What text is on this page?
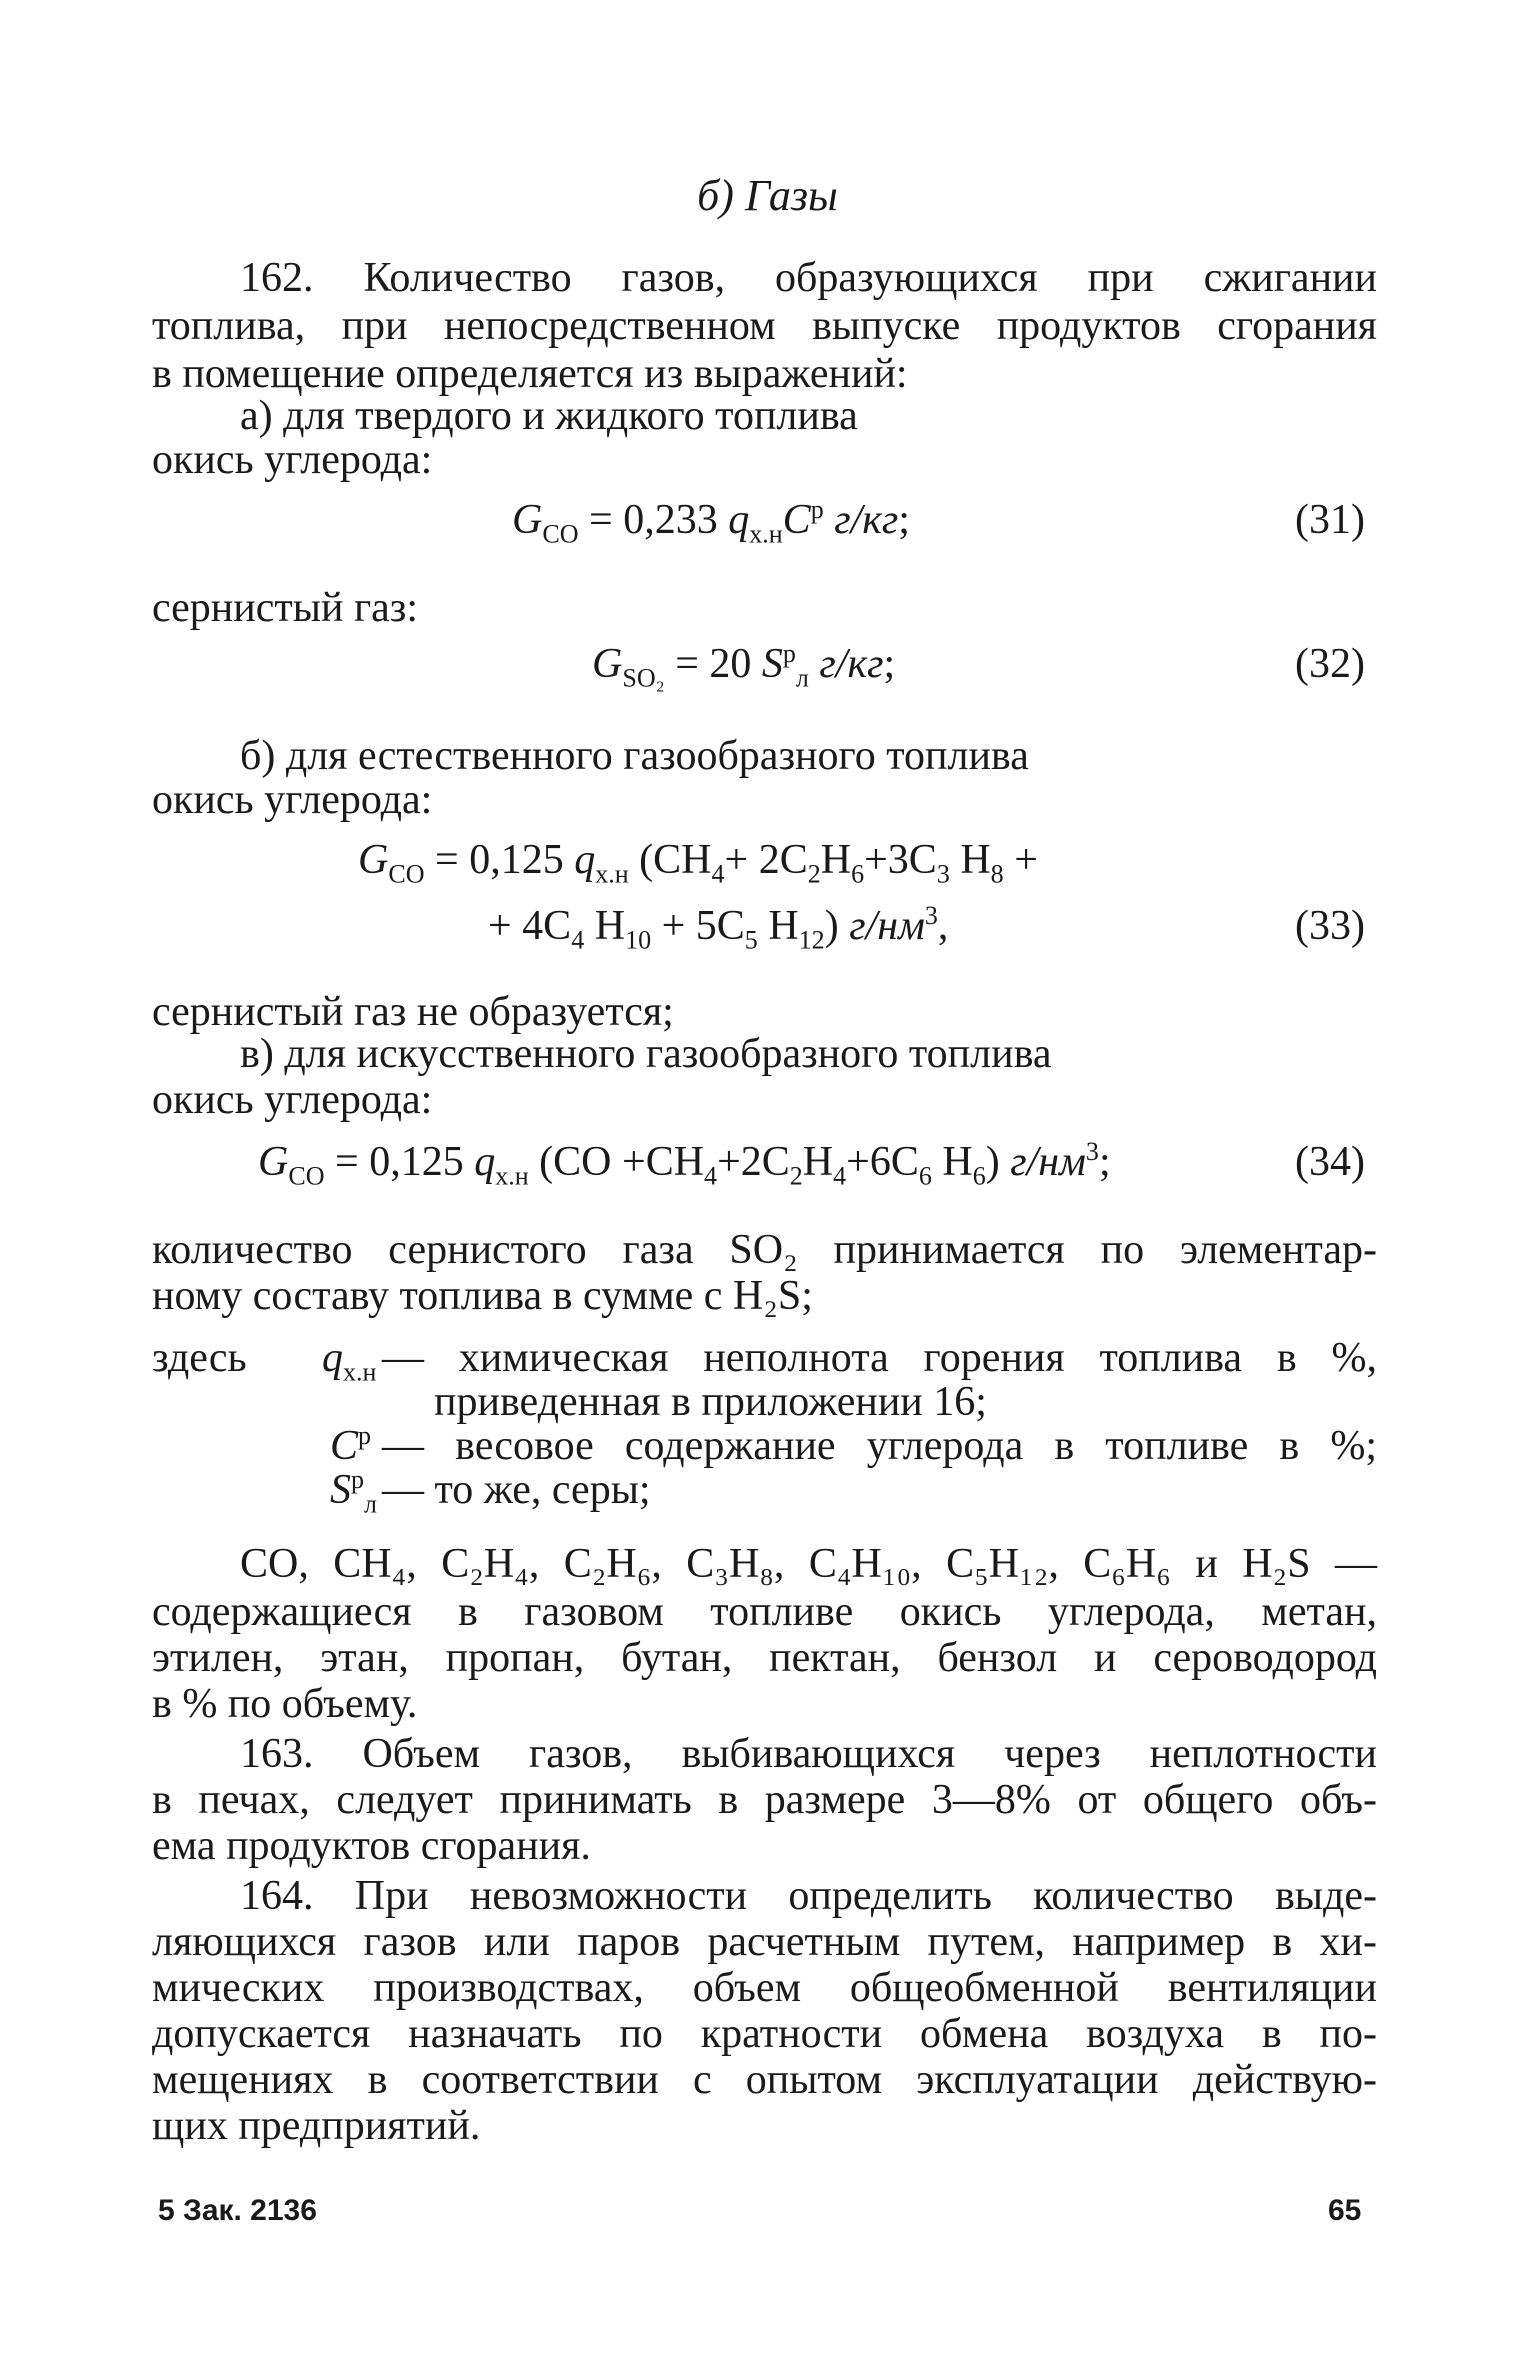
б) Газы
162. Количество газов, образующихся при сжигании
топлива, при непосредственном выпуске продуктов сгорания
в помещение определяется из выражений:
а) для твердого и жидкого топлива
окись углерода:
$G_{CO} = 0,233$ $q_{х.н}C^р$ г/кг;	(31)
сернистый газ:
$G_{SO_2} = 20$ $S^р_л$ г/кг;	(32)
б) для естественного газообразного топлива
окись углерода:
$G_{CO} = 0,125$ $q_{х.н}$ ($CH_4+ 2C_2H_6+3C_3$ $H_8$ +
+ $4C_4$ $H_{10} + 5C_5$ $H_{12}$) $г/нм^3$,	(33)
сернистый газ не образуется;
в) для искусственного газообразного топлива
окись углерода:
$G_{CO} = 0,125$ $q_{х.н}$ ($CO +CH_4+2C_2H_4+6C_6$ $H_6$) $г/нм^3$;	(34)
количество сернистого газа SO₂ принимается по элементар-
ному составу топлива в сумме с H₂S;
здесь $q_{х.н}$ — химическая неполнота горения топлива в %,
приведенная в приложении 16;
$C^р$ — весовое содержание углерода в топливе в %;
$S^р_л$ — то же, серы;
CO, CH₄, C₂H₄, C₂H₆, C₃H₈, C₄H₁₀, C₅H₁₂, C₆H₆ и H₂S —
содержащиеся в газовом топливе окись углерода, метан,
этилен, этан, пропан, бутан, пектан, бензол и сероводород
в % по объему.
163. Объем газов, выбивающихся через неплотности
в печах, следует принимать в размере 3—8% от общего объ-
ема продуктов сгорания.
164. При невозможности определить количество выде-
ляющихся газов или паров расчетным путем, например в хи-
мических производствах, объем общеобменной вентиляции
допускается назначать по кратности обмена воздуха в по-
мещениях в соответствии с опытом эксплуатации действую-
щих предприятий.
5 Зак. 2136	65
